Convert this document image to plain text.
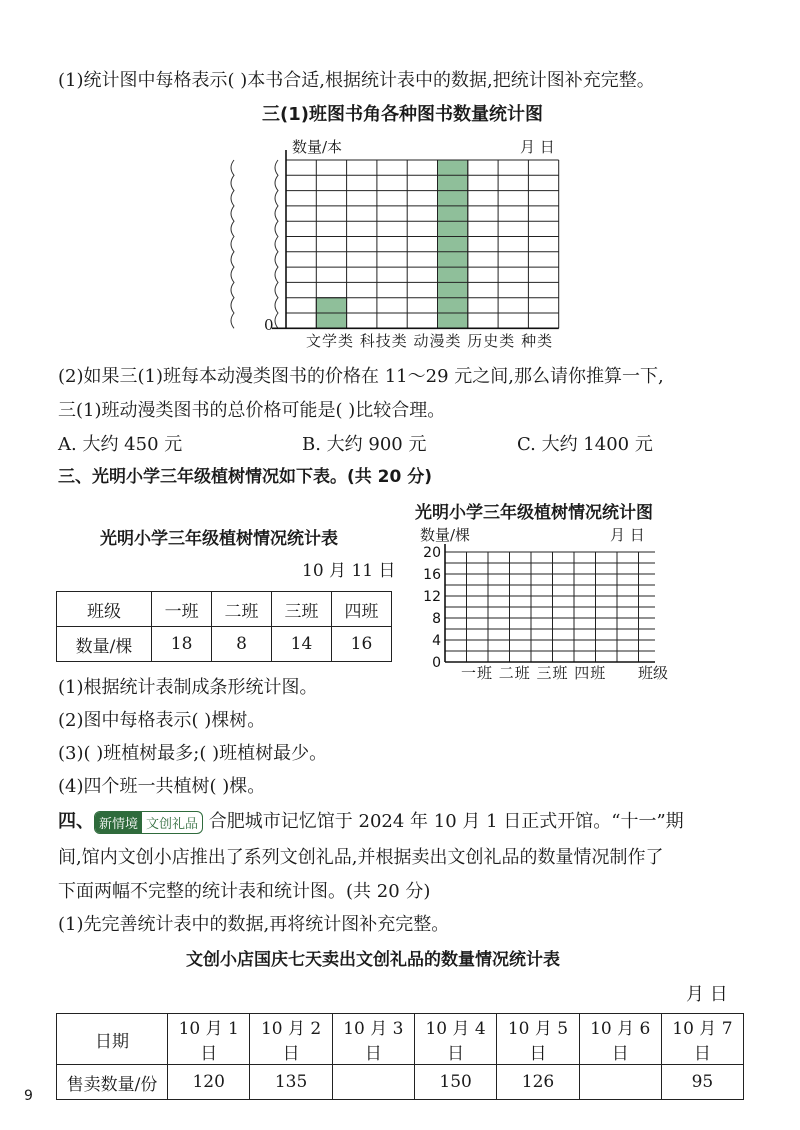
(1)统计图中每格表示( )本书合适,根据统计表中的数据,把统计图补充完整。
三(1)班图书角各种图书数量统计图
数量/本	月 日
0
文学类 科技类 动漫类 历史类 种类
(2)如果三(1)班每本动漫类图书的价格在 11～29 元之间,那么请你推算一下,
三(1)班动漫类图书的总价格可能是( )比较合理。
A. 大约 450 元	B. 大约 900 元	C. 大约 1400 元
三、光明小学三年级植树情况如下表。(共 20 分)
光明小学三年级植树情况统计表
10 月 11 日
班级	一班	二班	三班	四班
数量/棵	18	8	14	16
光明小学三年级植树情况统计图
数量/棵	月 日
0
4
8
12
16
20
一班 二班 三班 四班 班级
(1)根据统计表制成条形统计图。
(2)图中每格表示( )棵树。
(3)( )班植树最多;( )班植树最少。
(4)四个班一共植树( )棵。
四、 新情境 文创礼品 合肥城市记忆馆于 2024 年 10 月 1 日正式开馆。“十一”期
间,馆内文创小店推出了系列文创礼品,并根据卖出文创礼品的数量情况制作了
下面两幅不完整的统计表和统计图。(共 20 分)
(1)先完善统计表中的数据,再将统计图补充完整。
文创小店国庆七天卖出文创礼品的数量情况统计表
月 日
日期	10 月 1 日	10 月 2 日	10 月 3 日	10 月 4 日	10 月 5 日	10 月 6 日	10 月 7 日
售卖数量/份	120	135		150	126		95
9
